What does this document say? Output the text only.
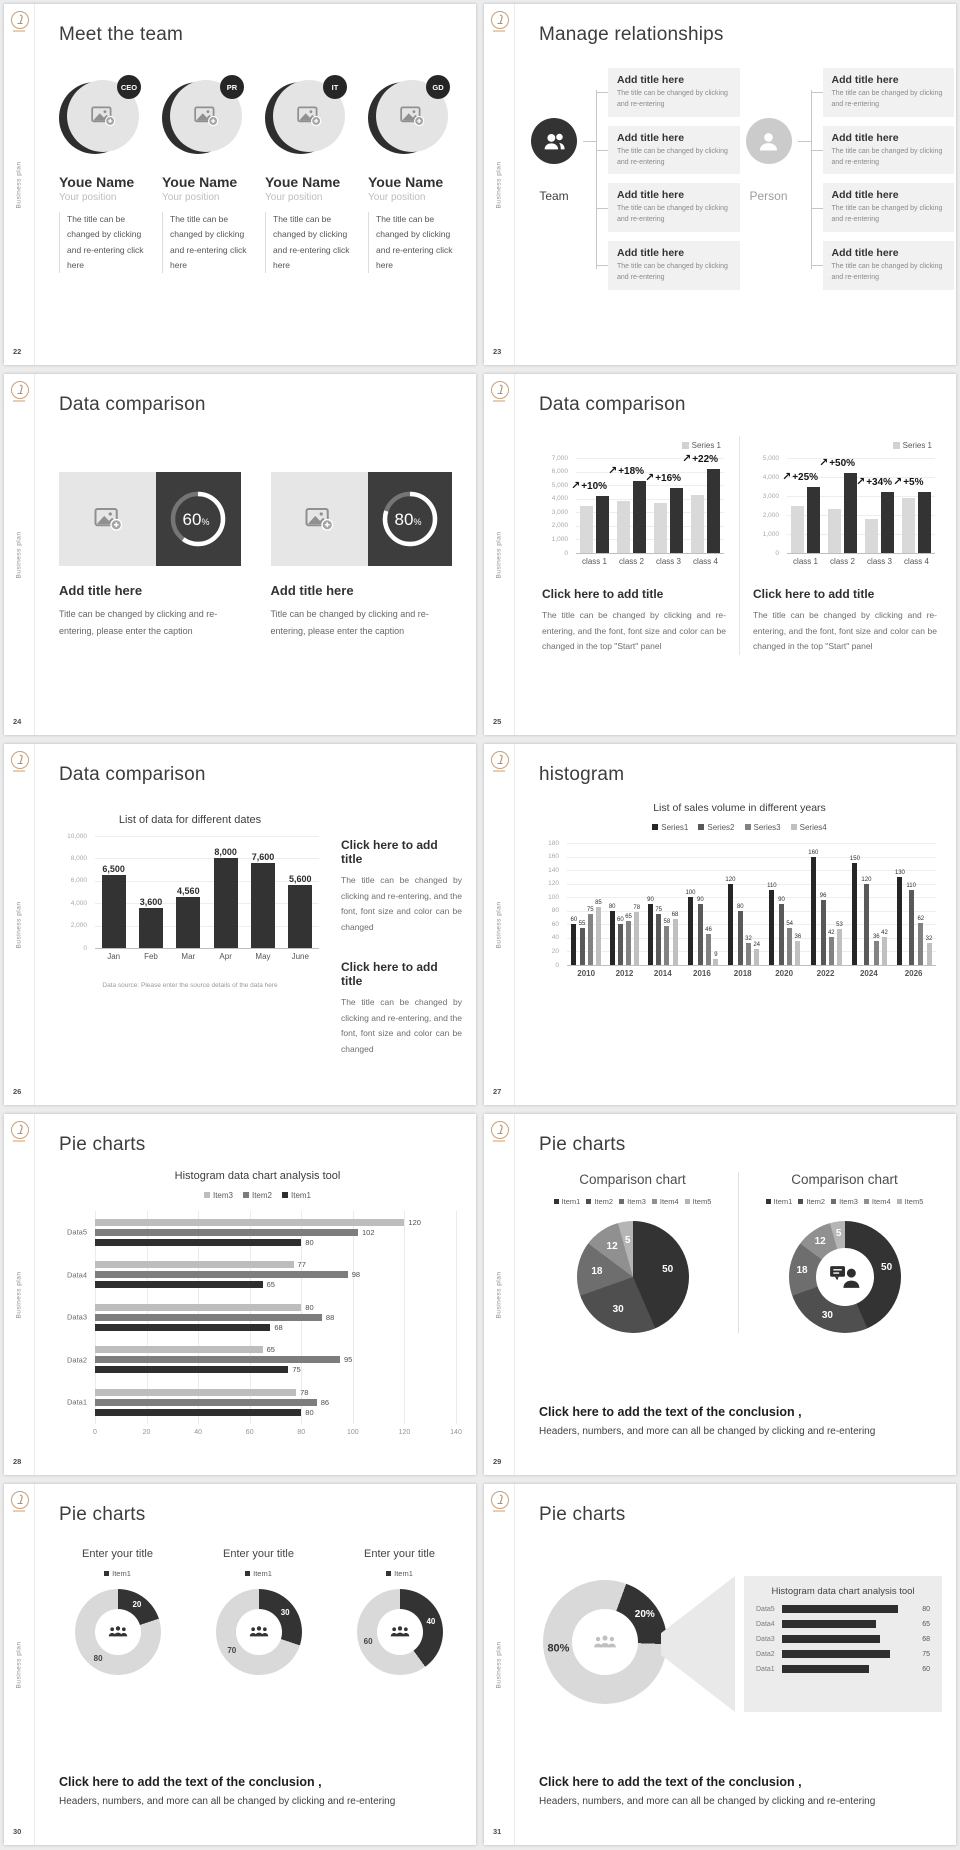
Business plan
22
Meet the team
CEO
Youe Name
Your position
The title can be changed by clicking and re-entering click here
PR
Youe Name
Your position
The title can be changed by clicking and re-entering click here
IT
Youe Name
Your position
The title can be changed by clicking and re-entering click here
GD
Youe Name
Your position
The title can be changed by clicking and re-entering click here
Business plan
23
Manage relationships
Team
Add title here
The title can be changed by clicking and re-entering
Add title here
The title can be changed by clicking and re-entering
Add title here
The title can be changed by clicking and re-entering
Add title here
The title can be changed by clicking and re-entering
Person
Add title here
The title can be changed by clicking and re-entering
Add title here
The title can be changed by clicking and re-entering
Add title here
The title can be changed by clicking and re-entering
Add title here
The title can be changed by clicking and re-entering
Business plan
24
Data comparison
60%
Add title here
Title can be changed by clicking and re-entering, please enter the caption
80%
Add title here
Title can be changed by clicking and re-entering, please enter the caption
Business plan
25
Data comparison
Series 1
7,000
6,000
5,000
4,000
3,000
2,000
1,000
0
↗+10%
class 1
↗+18%
class 2
↗+16%
class 3
↗+22%
class 4
Click here to add title
The title can be changed by clicking and re-entering, and the font, font size and color can be changed in the top "Start" panel
Series 1
5,000
4,000
3,000
2,000
1,000
0
↗+25%
class 1
↗+50%
class 2
↗+34%
class 3
↗+5%
class 4
Click here to add title
The title can be changed by clicking and re-entering, and the font, font size and color can be changed in the top "Start" panel
Business plan
26
Data comparison
List of data for different dates
10,000
8,000
6,000
4,000
2,000
0
6,500
Jan
3,600
Feb
4,560
Mar
8,000
Apr
7,600
May
5,600
June
Data source: Please enter the source details of the data here
Click here to add title
The title can be changed by clicking and re-entering, and the font, font size and color can be changed
Click here to add title
The title can be changed by clicking and re-entering, and the font, font size and color can be changed
Business plan
27
histogram
List of sales volume in different years
Series1 Series2 Series3 Series4
180
160
140
120
100
80
60
40
20
0
60
55
75
85
2010
80
60
65
78
2012
90
75
58
68
2014
100
90
46
9
2016
120
80
32
24
2018
110
90
54
36
2020
160
96
42
53
2022
150
120
36
42
2024
130
110
62
32
2026
Business plan
28
Pie charts
Histogram data chart analysis tool
Item3 Item2 Item1
Data5
120
102
80
Data4
77
98
65
Data3
80
88
68
Data2
65
95
75
Data1
78
86
80
0	20	40	60	80	100	120	140
Business plan
29
Pie charts
Comparison chart
Item1 Item2 Item3 Item4 Item5
50
30
18
12
5
Comparison chart
Item1 Item2 Item3 Item4 Item5
50
30
18
12
5
Click here to add the text of the conclusion ,
Headers, numbers, and more can all be changed by clicking and re-entering
Business plan
30
Pie charts
Enter your title
Item1
20
80
Enter your title
Item1
30
70
Enter your title
Item1
40
60
Click here to add the text of the conclusion ,
Headers, numbers, and more can all be changed by clicking and re-entering
Business plan
31
Pie charts
20%
80%
Histogram data chart analysis tool
Data5	80
Data4	65
Data3	68
Data2	75
Data1	60
Click here to add the text of the conclusion ,
Headers, numbers, and more can all be changed by clicking and re-entering
